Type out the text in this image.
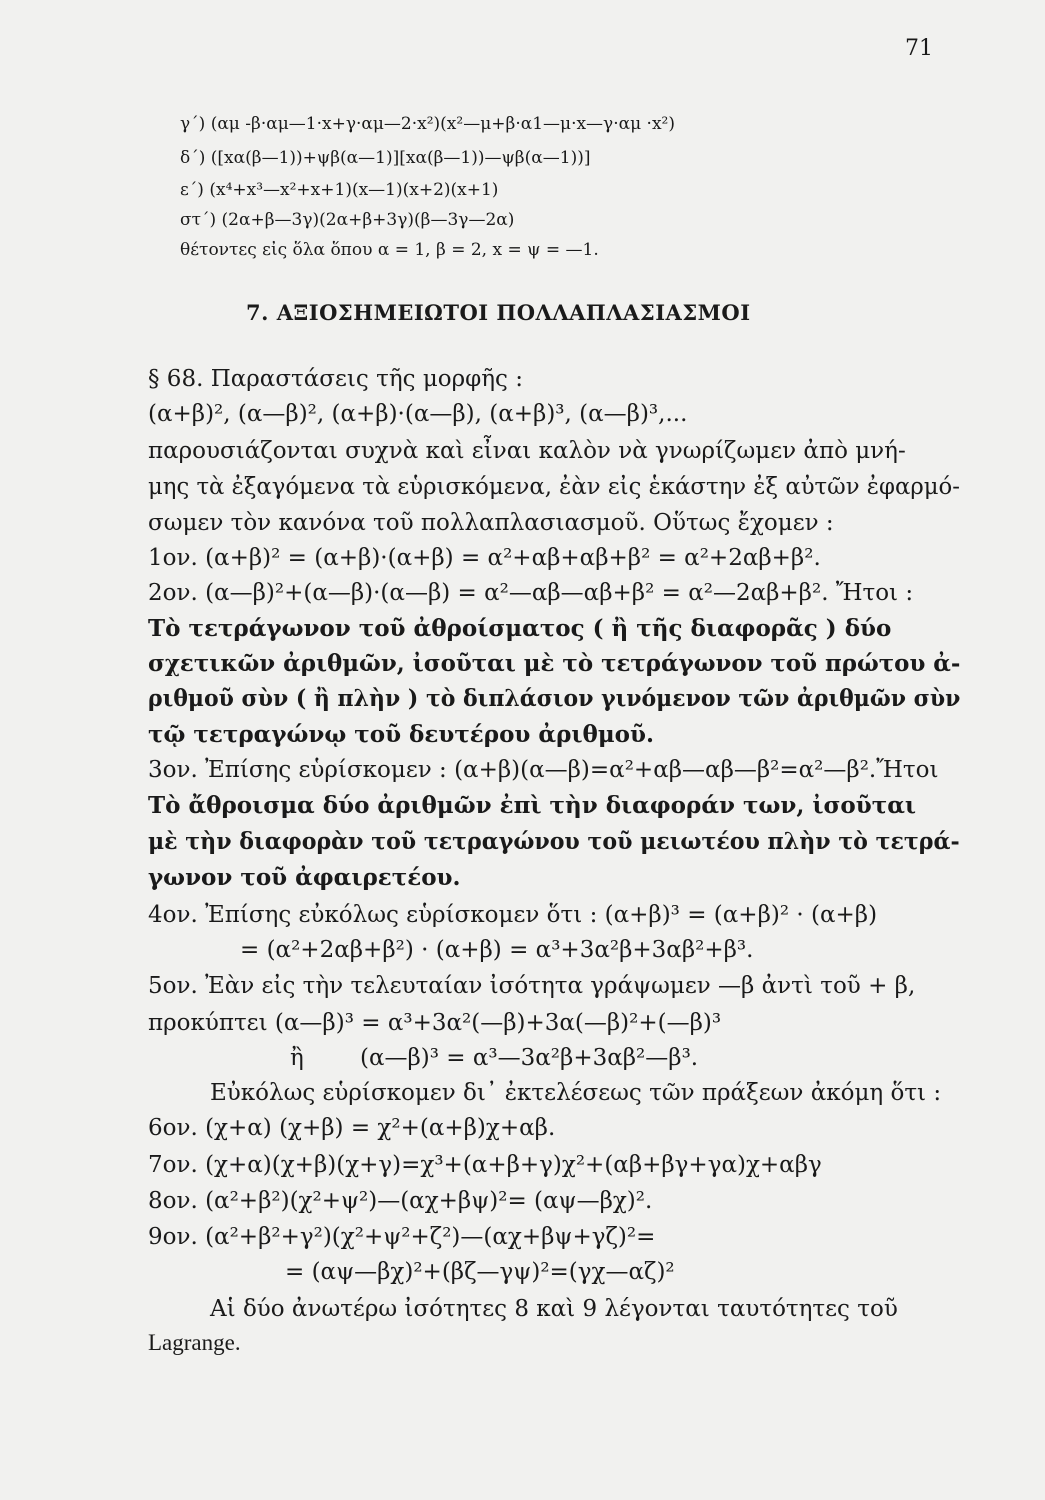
71
γ΄) (αμ -β·αμ—1·x+γ·αμ—2·x²)(x²—μ+β·α1—μ·x—γ·αμ ·x²)
δ΄) ([xα(β—1))+ψβ(α—1)][xα(β—1))—ψβ(α—1))]
ε΄) (x⁴+x³—x²+x+1)(x—1)(x+2)(x+1)
στ΄) (2α+β—3γ)(2α+β+3γ)(β—3γ—2α)
θέτοντες εἰς ὅλα ὅπου α = 1, β = 2, x = ψ = —1.
7. ΑΞΙΟΣΗΜΕΙΩΤΟΙ ΠΟΛΛΑΠΛΑΣΙΑΣΜΟΙ
§ 68. Παραστάσεις τῆς μορφῆς :
(α+β)², (α—β)², (α+β)·(α—β), (α+β)³, (α—β)³,...
παρουσιάζονται συχνὰ καὶ εἶναι καλὸν νὰ γνωρίζωμεν ἀπὸ μνή-
μης τὰ ἐξαγόμενα τὰ εὑρισκόμενα, ἐὰν εἰς ἑκάστην ἐξ αὐτῶν ἐφαρμό-
σωμεν τὸν κανόνα τοῦ πολλαπλασιασμοῦ. Οὕτως ἔχομεν :
1ον. (α+β)² = (α+β)·(α+β) = α²+αβ+αβ+β² = α²+2αβ+β².
2ον. (α—β)²+(α—β)·(α—β) = α²—αβ—αβ+β² = α²—2αβ+β². Ἤτοι :
Τὸ τετράγωνον τοῦ ἀθροίσματος ( ἢ τῆς διαφορᾶς ) δύο
σχετικῶν ἀριθμῶν, ἰσοῦται μὲ τὸ τετράγωνον τοῦ πρώτου ἀ-
ριθμοῦ σὺν ( ἢ πλὴν ) τὸ διπλάσιον γινόμενον τῶν ἀριθμῶν σὺν
τῷ τετραγώνῳ τοῦ δευτέρου ἀριθμοῦ.
3ον. Ἐπίσης εὑρίσκομεν : (α+β)(α—β)=α²+αβ—αβ—β²=α²—β².Ἤτοι
Τὸ ἄθροισμα δύο ἀριθμῶν ἐπὶ τὴν διαφοράν των, ἰσοῦται
μὲ τὴν διαφορὰν τοῦ τετραγώνου τοῦ μειωτέου πλὴν τὸ τετρά-
γωνον τοῦ ἀφαιρετέου.
4ον. Ἐπίσης εὐκόλως εὑρίσκομεν ὅτι : (α+β)³ = (α+β)² · (α+β)
= (α²+2αβ+β²) · (α+β) = α³+3α²β+3αβ²+β³.
5ον. Ἐὰν εἰς τὴν τελευταίαν ἰσότητα γράψωμεν —β ἀντὶ τοῦ + β,
προκύπτει (α—β)³ = α³+3α²(—β)+3α(—β)²+(—β)³
ἢ (α—β)³ = α³—3α²β+3αβ²—β³.
Εὐκόλως εὑρίσκομεν δι᾽ ἐκτελέσεως τῶν πράξεων ἀκόμη ὅτι :
6ον. (χ+α) (χ+β) = χ²+(α+β)χ+αβ.
7ον. (χ+α)(χ+β)(χ+γ)=χ³+(α+β+γ)χ²+(αβ+βγ+γα)χ+αβγ
8ον. (α²+β²)(χ²+ψ²)—(αχ+βψ)²= (αψ—βχ)².
9ον. (α²+β²+γ²)(χ²+ψ²+ζ²)—(αχ+βψ+γζ)²=
= (αψ—βχ)²+(βζ—γψ)²=(γχ—αζ)²
Αἱ δύο ἀνωτέρω ἰσότητες 8 καὶ 9 λέγονται ταυτότητες τοῦ
Lagrange.
